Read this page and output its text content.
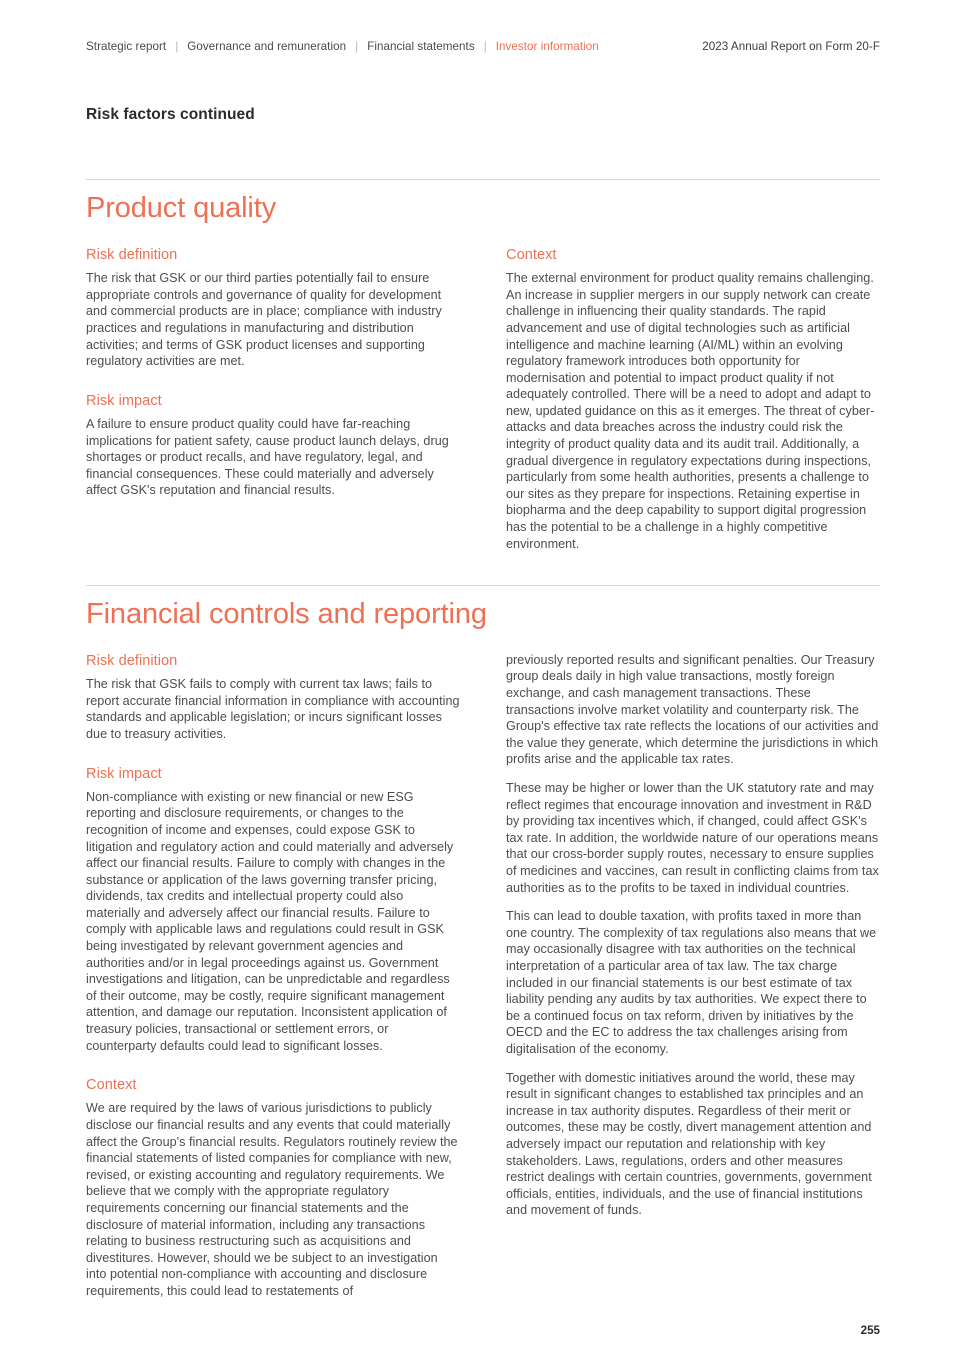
Strategic report | Governance and remuneration | Financial statements | Investor information	2023 Annual Report on Form 20-F
Risk factors continued
Product quality
Risk definition

The risk that GSK or our third parties potentially fail to ensure appropriate controls and governance of quality for development and commercial products are in place; compliance with industry practices and regulations in manufacturing and distribution activities; and terms of GSK product licenses and supporting regulatory activities are met.

Risk impact

A failure to ensure product quality could have far-reaching implications for patient safety, cause product launch delays, drug shortages or product recalls, and have regulatory, legal, and financial consequences. These could materially and adversely affect GSK's reputation and financial results.

Context

The external environment for product quality remains challenging. An increase in supplier mergers in our supply network can create challenge in influencing their quality standards. The rapid advancement and use of digital technologies such as artificial intelligence and machine learning (AI/ML) within an evolving regulatory framework introduces both opportunity for modernisation and potential to impact product quality if not adequately controlled. There will be a need to adopt and adapt to new, updated guidance on this as it emerges. The threat of cyber-attacks and data breaches across the industry could risk the integrity of product quality data and its audit trail. Additionally, a gradual divergence in regulatory expectations during inspections, particularly from some health authorities, presents a challenge to our sites as they prepare for inspections. Retaining expertise in biopharma and the deep capability to support digital progression has the potential to be a challenge in a highly competitive environment.

Financial controls and reporting
Risk definition

The risk that GSK fails to comply with current tax laws; fails to report accurate financial information in compliance with accounting standards and applicable legislation; or incurs significant losses due to treasury activities.

Risk impact

Non-compliance with existing or new financial or new ESG reporting and disclosure requirements, or changes to the recognition of income and expenses, could expose GSK to litigation and regulatory action and could materially and adversely affect our financial results. Failure to comply with changes in the substance or application of the laws governing transfer pricing, dividends, tax credits and intellectual property could also materially and adversely affect our financial results. Failure to comply with applicable laws and regulations could result in GSK being investigated by relevant government agencies and authorities and/or in legal proceedings against us. Government investigations and litigation, can be unpredictable and regardless of their outcome, may be costly, require significant management attention, and damage our reputation. Inconsistent application of treasury policies, transactional or settlement errors, or counterparty defaults could lead to significant losses.

Context

We are required by the laws of various jurisdictions to publicly disclose our financial results and any events that could materially affect the Group's financial results. Regulators routinely review the financial statements of listed companies for compliance with new, revised, or existing accounting and regulatory requirements. We believe that we comply with the appropriate regulatory requirements concerning our financial statements and the disclosure of material information, including any transactions relating to business restructuring such as acquisitions and divestitures. However, should we be subject to an investigation into potential non-compliance with accounting and disclosure requirements, this could lead to restatements of

previously reported results and significant penalties. Our Treasury group deals daily in high value transactions, mostly foreign exchange, and cash management transactions. These transactions involve market volatility and counterparty risk. The Group's effective tax rate reflects the locations of our activities and the value they generate, which determine the jurisdictions in which profits arise and the applicable tax rates.

These may be higher or lower than the UK statutory rate and may reflect regimes that encourage innovation and investment in R&D by providing tax incentives which, if changed, could affect GSK's tax rate. In addition, the worldwide nature of our operations means that our cross-border supply routes, necessary to ensure supplies of medicines and vaccines, can result in conflicting claims from tax authorities as to the profits to be taxed in individual countries.

This can lead to double taxation, with profits taxed in more than one country. The complexity of tax regulations also means that we may occasionally disagree with tax authorities on the technical interpretation of a particular area of tax law. The tax charge included in our financial statements is our best estimate of tax liability pending any audits by tax authorities. We expect there to be a continued focus on tax reform, driven by initiatives by the OECD and the EC to address the tax challenges arising from digitalisation of the economy.

Together with domestic initiatives around the world, these may result in significant changes to established tax principles and an increase in tax authority disputes. Regardless of their merit or outcomes, these may be costly, divert management attention and adversely impact our reputation and relationship with key stakeholders. Laws, regulations, orders and other measures restrict dealings with certain countries, governments, government officials, entities, individuals, and the use of financial institutions and movement of funds.

255
